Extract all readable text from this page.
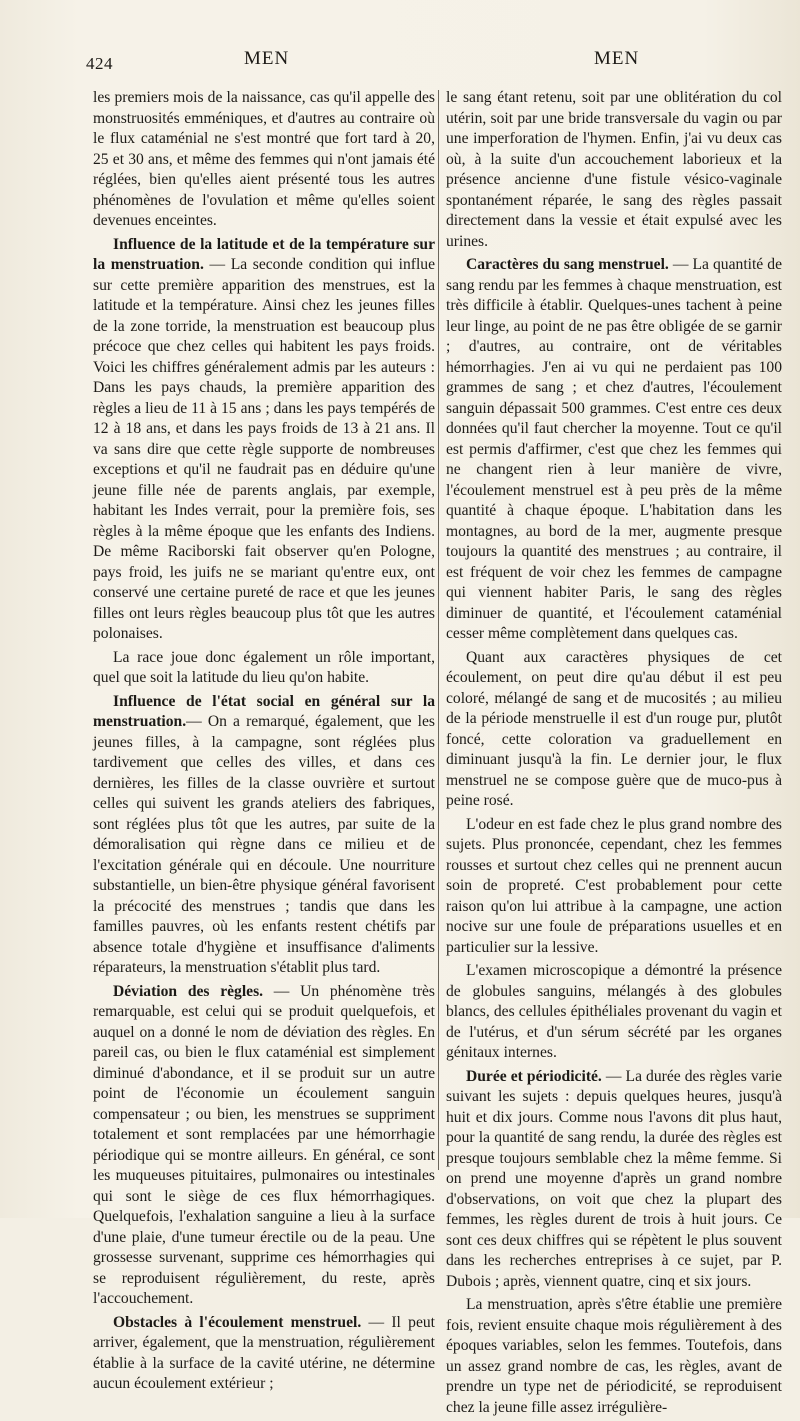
424	MEN	MEN

les premiers mois de la naissance, cas qu'il appelle des monstruosités emméniques, et d'autres au contraire où le flux cataménial ne s'est montré que fort tard à 20, 25 et 30 ans, et même des femmes qui n'ont jamais été réglées, bien qu'elles aient présenté tous les autres phénomènes de l'ovulation et même qu'elles soient devenues enceintes.

Influence de la latitude et de la température sur la menstruation. — La seconde condition qui influe sur cette première apparition des menstrues, est la latitude et la température. Ainsi chez les jeunes filles de la zone torride, la menstruation est beaucoup plus précoce que chez celles qui habitent les pays froids. Voici les chiffres généralement admis par les auteurs : Dans les pays chauds, la première apparition des règles a lieu de 11 à 15 ans ; dans les pays tempérés de 12 à 18 ans, et dans les pays froids de 13 à 21 ans. Il va sans dire que cette règle supporte de nombreuses exceptions et qu'il ne faudrait pas en déduire qu'une jeune fille née de parents anglais, par exemple, habitant les Indes verrait, pour la première fois, ses règles à la même époque que les enfants des Indiens. De même Raciborski fait observer qu'en Pologne, pays froid, les juifs ne se mariant qu'entre eux, ont conservé une certaine pureté de race et que les jeunes filles ont leurs règles beaucoup plus tôt que les autres polonaises.

La race joue donc également un rôle important, quel que soit la latitude du lieu qu'on habite.

Influence de l'état social en général sur la menstruation.— On a remarqué, également, que les jeunes filles, à la campagne, sont réglées plus tardivement que celles des villes, et dans ces dernières, les filles de la classe ouvrière et surtout celles qui suivent les grands ateliers des fabriques, sont réglées plus tôt que les autres, par suite de la démoralisation qui règne dans ce milieu et de l'excitation générale qui en découle. Une nourriture substantielle, un bien-être physique général favorisent la précocité des menstrues ; tandis que dans les familles pauvres, où les enfants restent chétifs par absence totale d'hygiène et insuffisance d'aliments réparateurs, la menstruation s'établit plus tard.

Déviation des règles. — Un phénomène très remarquable, est celui qui se produit quelquefois, et auquel on a donné le nom de déviation des règles. En pareil cas, ou bien le flux cataménial est simplement diminué d'abondance, et il se produit sur un autre point de l'économie un écoulement sanguin compensateur ; ou bien, les menstrues se suppriment totalement et sont remplacées par une hémorrhagie périodique qui se montre ailleurs. En général, ce sont les muqueuses pituitaires, pulmonaires ou intestinales qui sont le siège de ces flux hémorrhagiques. Quelquefois, l'exhalation sanguine a lieu à la surface d'une plaie, d'une tumeur érectile ou de la peau. Une grossesse survenant, supprime ces hémorrhagies qui se reproduisent régulièrement, du reste, après l'accouchement.

Obstacles à l'écoulement menstruel. — Il peut arriver, également, que la menstruation, régulièrement établie à la surface de la cavité utérine, ne détermine aucun écoulement extérieur ;

le sang étant retenu, soit par une oblitération du col utérin, soit par une bride transversale du vagin ou par une imperforation de l'hymen. Enfin, j'ai vu deux cas où, à la suite d'un accouchement laborieux et la présence ancienne d'une fistule vésico-vaginale spontanément réparée, le sang des règles passait directement dans la vessie et était expulsé avec les urines.

Caractères du sang menstruel. — La quantité de sang rendu par les femmes à chaque menstruation, est très difficile à établir. Quelques-unes tachent à peine leur linge, au point de ne pas être obligée de se garnir ; d'autres, au contraire, ont de véritables hémorrhagies. J'en ai vu qui ne perdaient pas 100 grammes de sang ; et chez d'autres, l'écoulement sanguin dépassait 500 grammes. C'est entre ces deux données qu'il faut chercher la moyenne. Tout ce qu'il est permis d'affirmer, c'est que chez les femmes qui ne changent rien à leur manière de vivre, l'écoulement menstruel est à peu près de la même quantité à chaque époque. L'habitation dans les montagnes, au bord de la mer, augmente presque toujours la quantité des menstrues ; au contraire, il est fréquent de voir chez les femmes de campagne qui viennent habiter Paris, le sang des règles diminuer de quantité, et l'écoulement cataménial cesser même complètement dans quelques cas.

Quant aux caractères physiques de cet écoulement, on peut dire qu'au début il est peu coloré, mélangé de sang et de mucosités ; au milieu de la période menstruelle il est d'un rouge pur, plutôt foncé, cette coloration va graduellement en diminuant jusqu'à la fin. Le dernier jour, le flux menstruel ne se compose guère que de muco-pus à peine rosé.

L'odeur en est fade chez le plus grand nombre des sujets. Plus prononcée, cependant, chez les femmes rousses et surtout chez celles qui ne prennent aucun soin de propreté. C'est probablement pour cette raison qu'on lui attribue à la campagne, une action nocive sur une foule de préparations usuelles et en particulier sur la lessive.

L'examen microscopique a démontré la présence de globules sanguins, mélangés à des globules blancs, des cellules épithéliales provenant du vagin et de l'utérus, et d'un sérum sécrété par les organes génitaux internes.

Durée et périodicité. — La durée des règles varie suivant les sujets : depuis quelques heures, jusqu'à huit et dix jours. Comme nous l'avons dit plus haut, pour la quantité de sang rendu, la durée des règles est presque toujours semblable chez la même femme. Si on prend une moyenne d'après un grand nombre d'observations, on voit que chez la plupart des femmes, les règles durent de trois à huit jours. Ce sont ces deux chiffres qui se répètent le plus souvent dans les recherches entreprises à ce sujet, par P. Dubois ; après, viennent quatre, cinq et six jours.

La menstruation, après s'être établie une première fois, revient ensuite chaque mois régulièrement à des époques variables, selon les femmes. Toutefois, dans un assez grand nombre de cas, les règles, avant de prendre un type net de périodicité, se reproduisent chez la jeune fille assez irrégulière-
